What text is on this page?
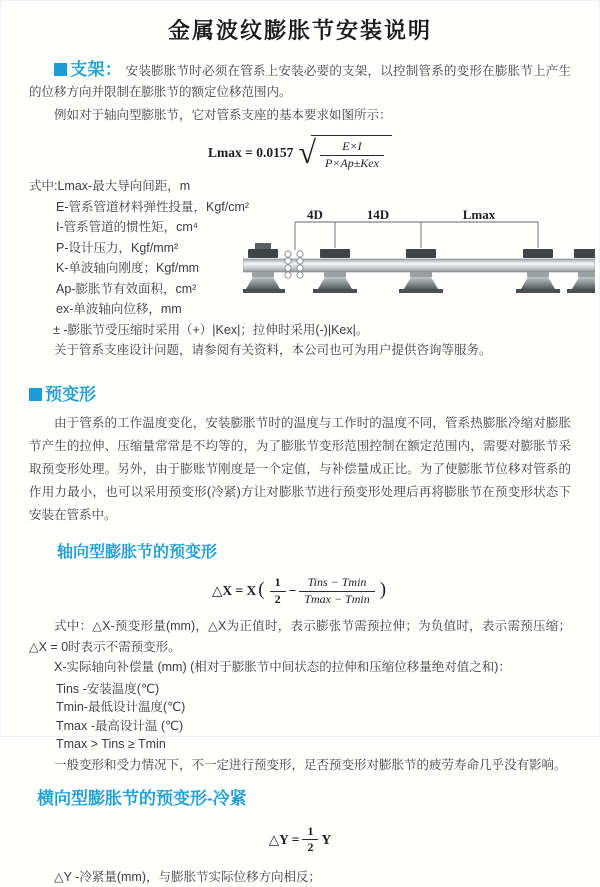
金属波纹膨胀节安装说明

支架： 安装膨胀节时必须在管系上安装必要的支架，以控制管系的变形在膨胀节上产生的位移方向并限制在膨胀节的额定位移范围内。

例如对于轴向型膨胀节，它对管系支座的基本要求如图所示：

Lmax = 0.0157 √ $\frac{E\times I}{\text{P×Ap±Kex}}$

式中:Lmax-最大导向间距，m

E-管系管道材料弹性投量，Kgf/cm²

I-管系管道的惯性矩，cm⁴

P-设计压力，Kgf/mm²

K-单波轴向刚度；Kgf/mm

Ap-膨胀节有效面积，cm²

ex-单波轴向位移，mm

± -膨胀节受压缩时采用（+）|Kex|；拉伸时采用(-)|Kex|。

关于管系支座设计问题，请参阅有关资料，本公司也可为用户提供咨询等服务。

4D	14D	Lmax
预变形

由于管系的工作温度变化，安装膨胀节时的温度与工作时的温度不同，管系热膨胀冷缩对膨胀节产生的拉伸、压缩量常常是不均等的，为了膨胀节变形范围控制在额定范围内，需要对膨胀节采取预变形处理。另外，由于膨账节刚度是一个定值，与补偿量成正比。为了使膨胀节位移对管系的作用力最小，也可以采用预变形(冷紧)方让对膨胀节进行预变形处理后再将膨胀节在预变形状态下安装在管系中。

轴向型膨胀节的预变形
△X = X ( $\frac{1}{2} - \frac{\text{Tins − Tmin}}{Tmax - Tmin}$ )

式中：△X-预变形量(mm)，△X为正值时，表示膨张节需预拉伸；为负值时，表示需预压缩；△X = 0时表示不需预变形。

X-实际轴向补偿量 (mm) (相对于膨胀节中间状态的拉伸和压缩位移量绝对值之和)：

Tins -安装温度(℃)

Tmin-最低设计温度(℃)

Tmax -最高设计温 (℃)

Tmax > Tins ≥ Tmin

一般变形和受力情况下，不一定进行预变形，足否预变形对膨胀节的疲劳寿命几乎没有影响。

横向型膨胀节的预变形-冷紧
△Y = $\frac{1}{2}$ Y

△Y -冷紧量(mm)，与膨胀节实际位移方向相反；
